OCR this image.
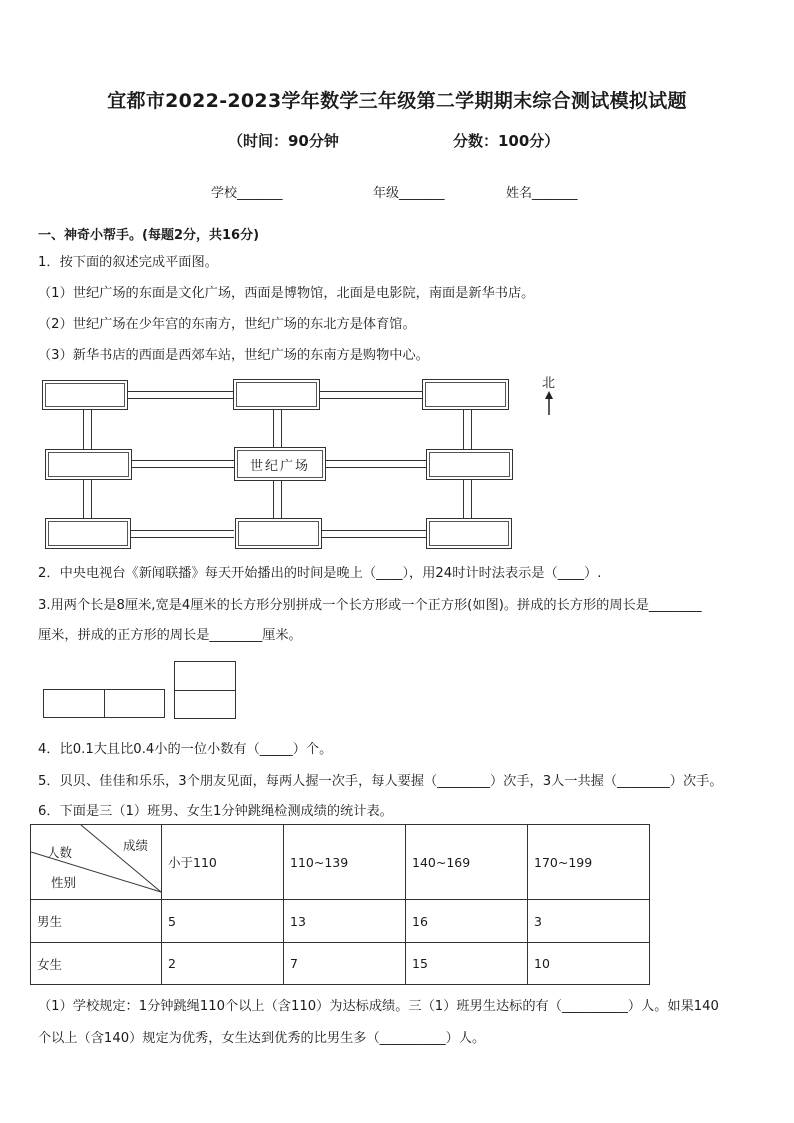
宜都市2022-2023学年数学三年级第二学期期末综合测试模拟试题
（时间：90分钟	分数：100分）
学校_______	年级_______	姓名_______
一、神奇小帮手。(每题2分，共16分)
1．按下面的叙述完成平面图。
（1）世纪广场的东面是文化广场，西面是博物馆，北面是电影院，南面是新华书店。
（2）世纪广场在少年宫的东南方，世纪广场的东北方是体育馆。
（3）新华书店的西面是西郊车站，世纪广场的东南方是购物中心。
世纪广场
北
2．中央电视台《新闻联播》每天开始播出的时间是晚上（____），用24时计时法表示是（____）.
3.用两个长是8厘米,宽是4厘米的长方形分别拼成一个长方形或一个正方形(如图)。拼成的长方形的周长是________
厘米，拼成的正方形的周长是________厘米。
4．比0.1大且比0.4小的一位小数有（_____）个。
5．贝贝、佳佳和乐乐，3个朋友见面，每两人握一次手，每人要握（________）次手，3人一共握（________）次手。
6．下面是三（1）班男、女生1分钟跳绳检测成绩的统计表。
成绩
人数
性别	小于110	110~139	140~169	170~199
男生	5	13	16	3
女生	2	7	15	10
（1）学校规定：1分钟跳绳110个以上（含110）为达标成绩。三（1）班男生达标的有（__________）人。如果140
个以上（含140）规定为优秀，女生达到优秀的比男生多（__________）人。
